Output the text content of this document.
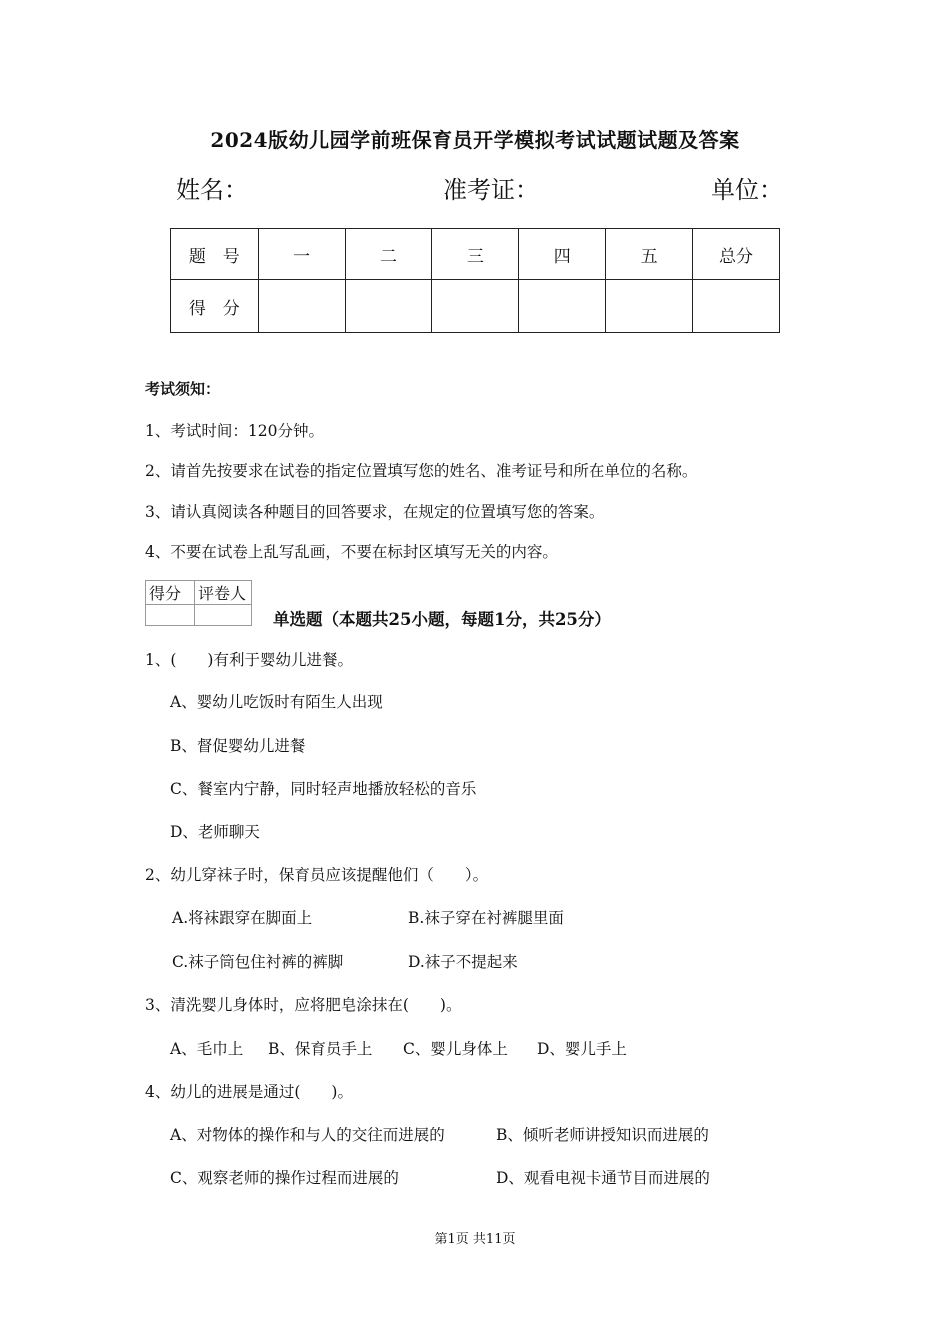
2024版幼儿园学前班保育员开学模拟考试试题试题及答案
姓名：	准考证：	单位：
题　号	一	二	三	四	五	总分
得　分						
考试须知：
1、考试时间：120分钟。
2、请首先按要求在试卷的指定位置填写您的姓名、准考证号和所在单位的名称。
3、请认真阅读各种题目的回答要求，在规定的位置填写您的答案。
4、不要在试卷上乱写乱画，不要在标封区填写无关的内容。
得分	评卷人

单选题（本题共25小题，每题1分，共25分）
1、(　　)有利于婴幼儿进餐。
A、婴幼儿吃饭时有陌生人出现
B、督促婴幼儿进餐
C、餐室内宁静，同时轻声地播放轻松的音乐
D、老师聊天
2、幼儿穿袜子时，保育员应该提醒他们（　　）。
A.将袜跟穿在脚面上	B.袜子穿在衬裤腿里面
C.袜子筒包住衬裤的裤脚	D.袜子不提起来
3、清洗婴儿身体时，应将肥皂涂抹在(　　)。
A、毛巾上 B、保育员手上 C、婴儿身体上 D、婴儿手上
4、幼儿的进展是通过(　　)。
A、对物体的操作和与人的交往而进展的	B、倾听老师讲授知识而进展的
C、观察老师的操作过程而进展的	D、观看电视卡通节目而进展的
第1页 共11页
